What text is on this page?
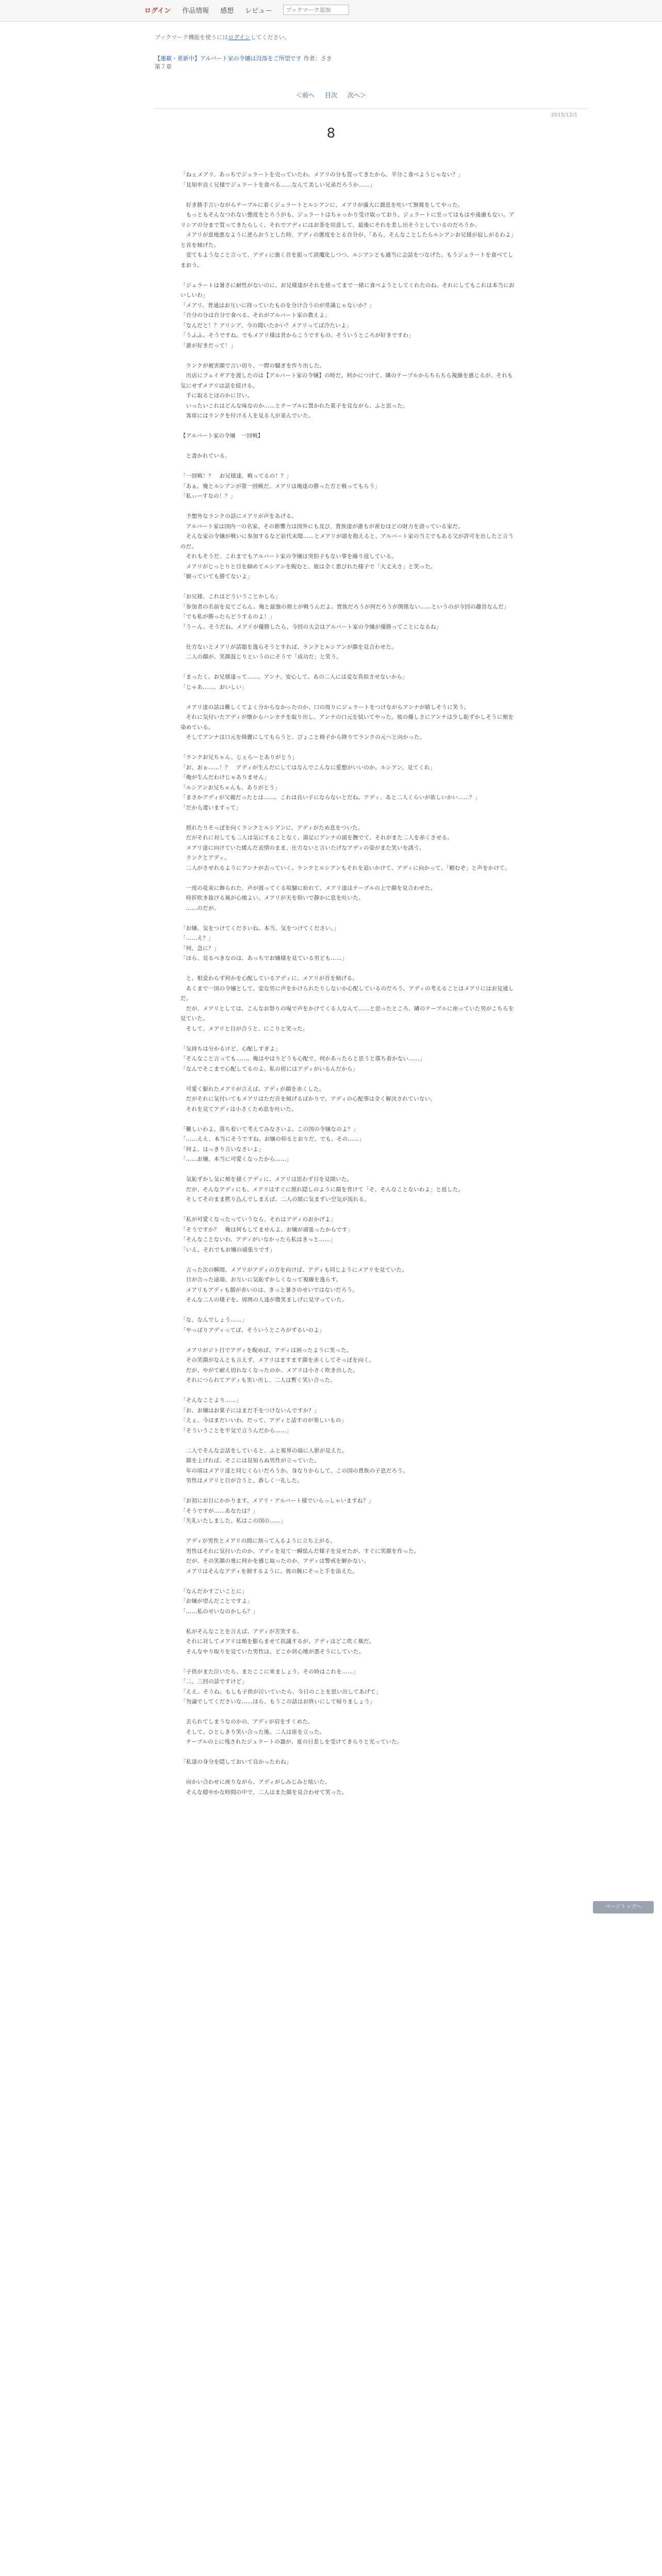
ログイン 作品情報 感想 レビュー
ブックマーク追加
ブックマーク機能を使うにはログインしてください。
【連載・更新中】アルバート家の令嬢は没落をご所望です 作者：さき
第７章
＜前へ 目次 次へ＞
2015/12/1
8

「ねぇメアリ、あっちでジュラートを売っていたわ。メアリの分も買ってきたから、半分こ食べようじゃない？」
「見知申良く兄様でジュラートを食べる……なんて美しい兄弟だろうか……」

　好き勝手言いながらテーブルに着くジュラートとルシアンに、メアリが盛大に溜息を吐いて無視をしてやった。
　もっともそんなつれない態度をとろうがも、ジュラートはちゃっかり受け取っており、ジュラートに至ってはもはや遠慮もない。アリシアの分まで買ってきたらしく、それでアディにはお茶を用意して、最後にそれを差し出そうとしているのだろうか。
　メアリが意地悪なように逆らおうとした時、アディの態度をとる自分が、「あら、そんなことしたらルシアンお兄様が寂しがるわよ」と首を傾げた。
　変てもようなこと言って、アディに強く首を振って誤魔化しつつ、ルシアンとも適当に会話をつなげた。もうジュラートを食べてしまおう。

「ジュラートは暑さに耐性がないのに、お兄様達がそれを使ってまで一緒に食べようとしてくれたのね。それにしてもこれは本当においしいわ」
「メアリ、普通はお互いに持っていたものを分け合うのが常識じゃないか？」
「自分の分は自分で食べる。それがアルバート家の教えよ」
「なんだと！？アリシア、今の聞いたかい？メアリってば冷たいよ」
「うふふ、そうですね。でもメアリ様は昔からこうですもの。そういうところが好きですわ」
「誰が好きだって！」

　ランクが被害顔で言い切り、一際の騒ぎを作り出した。
　出店にフェイギアを渡したのは【アルバート家の令嬢】の時だ。何かにつけて、隣のテーブルからちらちら視線を感じるが、それも気にせずメアリは話を続ける。
　手に取るとほのかに甘い。
　いったいこれはどんな味なのか……とテーブルに置かれた菓子を見ながら、ふと思った。
　客席にはランクを付ける人を見る人が並んでいた。

【アルバート家の令嬢　一回戦】

　と書かれている。

「一回戦！？　お兄様達、戦ってるの！？」
「あぁ。俺とルシアンが第一回戦だ。メアリは俺達の勝った方と戦ってもらう」
「私ぃーすなの！？」

　予想外なランクの話にメアリが声をあげる。
　アルバート家は国内一の名家、その影響力は国外にも及び、貴族達が誰もが羨むほどの財力を誇っている家だ。
　そんな家の令嬢が戦いに参加するなど前代未聞……とメアリが頭を抱えると、アルバート家の当主でもある父が許可を出したと言うのだ。
　それもそうだ、これまでもアルバート家の令嬢は突拍子もない事を繰り返している。
　メアリがじっとりと目を細めてルシアンを睨むと、彼は全く悪びれた様子で「大丈夫さ」と笑った。
「願っていても勝てないよ」

「お兄様、これはどういうことかしら」
「参加者の名前を見てごらん。俺と最強の剣士が戦うんだよ。貴族だろうが何だろうが関係ない……というのが今回の趣旨なんだ」
「でも私が勝ったらどうするのよ！」
「うーん、そうだね。メアリが優勝したら、今回の大会はアルバート家の令嬢が優勝ってことになるね」

　仕方ないとメアリが話題を逸らそうとすれば、ランクとルシアンが顔を見合わせた。
　二人の顔が、笑顔混じりというのにそうで「成功だ」と笑う。

「まったく、お兄様達って……。アンナ、安心して。あの二人には変な真似させないから」
「じゃあ……、おいしい」

　メアリ達の話は難しくてよく分からなかったのか、口の周りにジュラートをつけながらアンナが嬉しそうに笑う。
　それに気付いたアディが懐からハンカチを取り出し、アンナの口元を拭いてやった。彼の優しさにアンナは少し恥ずかしそうに頬を染めている。
　そしてアンナは口元を綺麗にしてもらうと、ぴょこと椅子から降りてランクの元へと向かった。

「ランクお兄ちゃん、じぇらーとありがとう」
「お、おぉ……！？　アディが生んだにしてはなんでこんなに愛想がいいのか。ルシアン、見てくれ」
「俺が生んだわけじゃありません」
「ルシアンお兄ちゃんも、ありがとう」
「まさかアディが父親だったとは……。これは良い子にならないとだね。アディ、あと二人くらいが欲しいかい……？」
「だから違いますって」

　照れたりそっぽを向くランクとルシアンに、アディがため息をついた。
　だがそれに対しても二人は気にすることなく、満足にアンナの頭を撫でて、それがまた二人を赤くさせる。
　メアリ達に向けていた緩んだ表情のまま、仕方ないと言いたげなアディの姿がまた笑いを誘う。
　ランクとアディ。
　二人がさせれるようにアンナが去っていく。ランクとルシアンもそれを追いかけて、アディに向かって、「頼むぞ」と声をかけて。

　一度の花束に飾られた、声が渡ってくる喧騒に紛れて、メアリ達はテーブルの上で顔を見合わせた。
　時折吹き抜ける風が心地よい。メアリが天を仰いで静かに息を吐いた。
　……のだが。

「お嬢、気をつけてくださいね。本当、気をつけてください。」
「……え？」
「何、急に？」
「ほら、見るべきなのは、あっちでお嬢様を見ている男ども……」

　と、相変わらず何かを心配しているアディに、メアリが首を傾げる。
　あくまで一国の令嬢として、変な男に声をかけられたりしないか心配しているのだろう。アディの考えることはメアリにはお見通しだ。
　だが、メアリとしては、こんなお祭りの場で声をかけてくる人なんて……と思ったところ、隣のテーブルに座っていた男がこちらを見ていた。
　そして、メアリと目が合うと、にこりと笑った。

「気持ちは分かるけど、心配しすぎよ」
「そんなこと言っても……。俺はやはりどうも心配で、何かあったらと思うと落ち着かない……」
「なんでそこまで心配してるのよ。私の傍にはアディがいるんだから」

　可愛く膨れたメアリが言えば、アディが顔を赤くした。
　だがそれに気付いてもメアリはただ首を傾げるばかりで、アディの心配事は全く解決されていない。
　それを見てアディは小さくため息を吐いた。

「難しいわよ、落ち着いて考えてみなさいよ。この国の令嬢なのよ？」
「……ええ、本当にそうですね。お嬢の仰るとおりだ。でも、その……」
「何よ、はっきり言いなさいよ」
「……お嬢、本当に可愛くなったから……」

　気恥ずかし気に頬を掻くアディに、メアリは思わず目を見開いた。
　だが、そんなアディにも、メアリはすぐに照れ隠しのように顔を背けて「そ、そんなことないわよ」と返した。
　そしてそのまま黙り込んでしまえば、二人の間に気まずい空気が流れる。

「私が可愛くなったっていうなら、それはアディのおかげよ」
「そうですか？　俺は何もしてませんよ。お嬢が頑張ったからです」
「そんなことないわ、アディがいなかったら私はきっと……」
「いえ、それでもお嬢の頑張りです」

　言った次の瞬間、メアリがアディの方を向けば、アディも同じようにメアリを見ていた。
　目が合った途端、お互いに気恥ずかしくなって視線を逸らす。
　メアリもアディも顔が赤いのは、きっと暑さのせいではないだろう。
　そんな二人の様子を、周囲の人達が微笑ましげに見守っていた。

「な、なんでしょう……」
「やっぱりアディってば、そういうところがずるいのよ」

　メアリがジト目でアディを睨めば、アディは困ったように笑った。
　その笑顔がなんとも言えず、メアリはますます顔を赤くしてそっぽを向く。
　だが、やがて耐え切れなくなったのか、メアリは小さく吹き出した。
　それにつられてアディも笑い出し、二人は暫く笑い合った。

「そんなことより……」
「お、お嬢はお菓子にはまだ手をつけないんですか？」
「えぇ、今はまだいいわ。だって、アディと話すのが楽しいもの」
「そういうことを平気で言うんだから……」

　二人でそんな会話をしていると、ふと視界の端に人影が見えた。
　顔を上げれば、そこには見知らぬ男性が立っていた。
　年の頃はメアリ達と同じくらいだろうか。身なりからして、この国の貴族の子息だろう。
　男性はメアリと目が合うと、恭しく一礼した。

「お初にお目にかかります。メアリ・アルバート様でいらっしゃいますね？」
「そうですが……あなたは？」
「失礼いたしました。私はこの国の……」

　アディが男性とメアリの間に割って入るように立ち上がる。
　男性はそれに気付いたのか、アディを見て一瞬怯んだ様子を見せたが、すぐに笑顔を作った。
　だが、その笑顔の奥に何かを感じ取ったのか、アディは警戒を解かない。
　メアリはそんなアディを制するように、彼の腕にそっと手を添えた。

「なんだかすごいことに」
「お嬢が望んだことですよ」
「……私のせいなのかしら？」

　私がそんなことを言えば、アディが苦笑する。
　それに対してメアリは頬を膨らませて抗議するが、アディはどこ吹く風だ。
　そんなやり取りを見ていた男性は、どこか居心地が悪そうにしていた。

「子供がまた泣いたら、またここに来ましょう。その時はこれを……」
「二、三回の話ですけど」
「ええ、そうね。もしも子供が泣いていたら、今日のことを思い出してあげて」
「勿論でしてくださいな……ほら、もうこの話はお終いにして帰りましょう」

　去られてしまうなのかの、アディが肩をすくめた。
　そして、ひとしきり笑い合った後、二人は席を立った。
　テーブルの上に残されたジュラートの器が、夏の日差しを受けてきらりと光っていた。

「私達の身分を隠しておいて良かったわね」

　向かい合わせに座りながら、アディがしみじみと呟いた。
　そんな穏やかな時間の中で、二人はまた顔を見合わせて笑った。

ページトップへ
